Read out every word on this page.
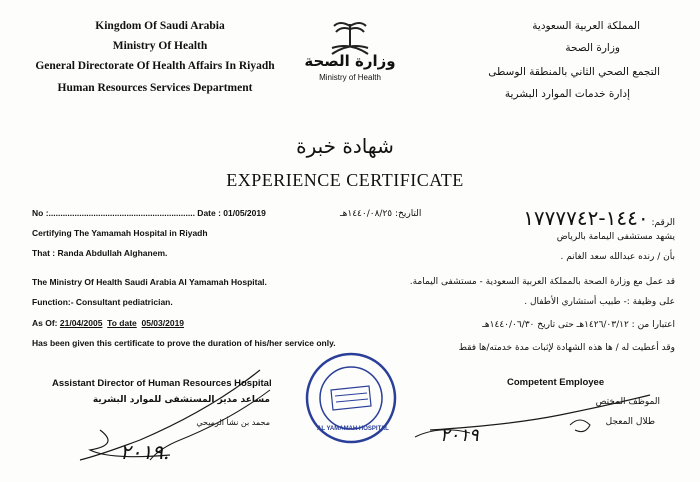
Kingdom Of Saudi Arabia
Ministry Of Health
General Directorate Of Health Affairs In Riyadh
Human Resources Services Department
وزارة الصحة
Ministry of Health
المملكة العربية السعودية
وزارة الصحة
التجمع الصحي الثاني بالمنطقة الوسطى
إدارة خدمات الموارد البشرية
شهادة خبرة
EXPERIENCE CERTIFICATE
No :.............................................................. Date : 01/05/2019
Certifying The Yamamah Hospital in Riyadh
That : Randa Abdullah Alghanem.
The Ministry Of Health Saudi Arabia Al Yamamah Hospital.
Function:- Consultant pediatrician.
As Of: 21/04/2005 To date 05/03/2019
Has been given this certificate to prove the duration of his/her service only.
الرقم: ١٤٤٠-١٧٧٧٧٤٢
التاريخ: ١٤٤٠/٠٨/٢٥هـ
يشهد مستشفى اليمامة بالرياض
بأن / رنده عبدالله سعد الغانم .
قد عمل مع وزارة الصحة بالمملكة العربية السعودية - مستشفى اليمامة.
على وظيفة :- طبيب أستشاري الأطفال .
اعتبارا من : ١٤٢٦/٠٣/١٢هـ حتى تاريخ ١٤٤٠/٠٦/٣٠هـ
وقد أعطيت له / ها هذه الشهادة لإثبات مدة خدمته/ها فقط
Assistant Director of Human Resources Hospital
مساعد مدير المستشفى للموارد البشرية
محمد بن نشأ الرميحي
٢٠١٩.
AL YAMAMAH HOSPITAL
Competent Employee
الموظف المختص
طلال المعجل
٢٠١٩
